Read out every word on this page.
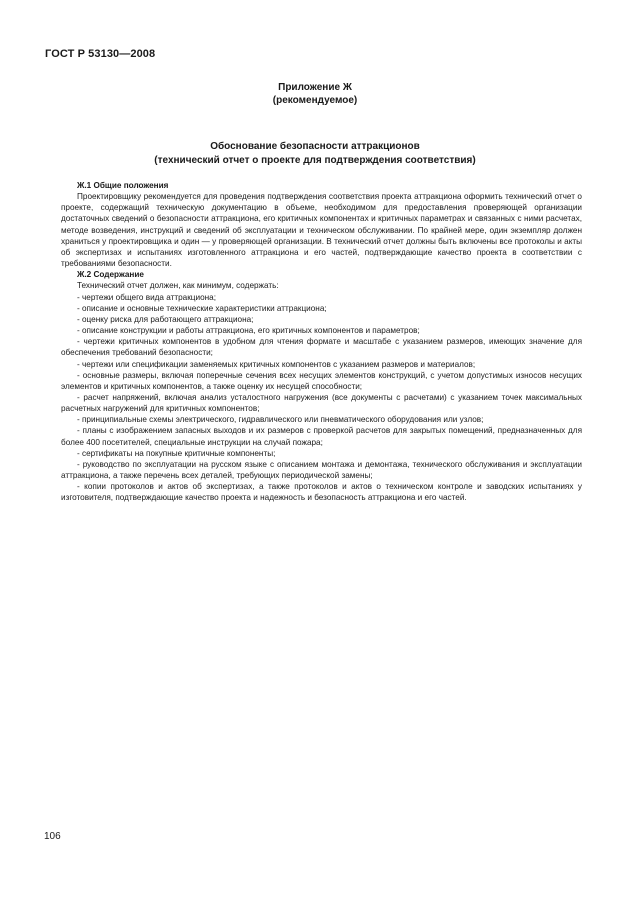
ГОСТ Р 53130—2008
Приложение Ж
(рекомендуемое)
Обоснование безопасности аттракционов
(технический отчет о проекте для подтверждения соответствия)

Ж.1 Общие положения

Проектировщику рекомендуется для проведения подтверждения соответствия проекта аттракциона оформить технический отчет о проекте, содержащий техническую документацию в объеме, необходимом для предоставления проверяющей организации достаточных сведений о безопасности аттракциона, его критичных компонентах и критичных параметрах и связанных с ними расчетах, методе возведения, инструкций и сведений об эксплуатации и техническом обслуживании. По крайней мере, один экземпляр должен храниться у проектировщика и один — у проверяющей организации. В технический отчет должны быть включены все протоколы и акты об экспертизах и испытаниях изготовленного аттракциона и его частей, подтверждающие качество проекта в соответствии с требованиями безопасности.

Ж.2 Содержание

Технический отчет должен, как минимум, содержать:

- чертежи общего вида аттракциона;

- описание и основные технические характеристики аттракциона;

- оценку риска для работающего аттракциона;

- описание конструкции и работы аттракциона, его критичных компонентов и параметров;

- чертежи критичных компонентов в удобном для чтения формате и масштабе с указанием размеров, имеющих значение для обеспечения требований безопасности;

- чертежи или спецификации заменяемых критичных компонентов с указанием размеров и материалов;

- основные размеры, включая поперечные сечения всех несущих элементов конструкций, с учетом допустимых износов несущих элементов и критичных компонентов, а также оценку их несущей способности;

- расчет напряжений, включая анализ усталостного нагружения (все документы с расчетами) с указанием точек максимальных расчетных нагружений для критичных компонентов;

- принципиальные схемы электрического, гидравлического или пневматического оборудования или узлов;

- планы с изображением запасных выходов и их размеров с проверкой расчетов для закрытых помещений, предназначенных для более 400 посетителей, специальные инструкции на случай пожара;

- сертификаты на покупные критичные компоненты;

- руководство по эксплуатации на русском языке с описанием монтажа и демонтажа, технического обслуживания и эксплуатации аттракциона, а также перечень всех деталей, требующих периодической замены;

- копии протоколов и актов об экспертизах, а также протоколов и актов о техническом контроле и заводских испытаниях у изготовителя, подтверждающие качество проекта и надежность и безопасность аттракциона и его частей.

106
